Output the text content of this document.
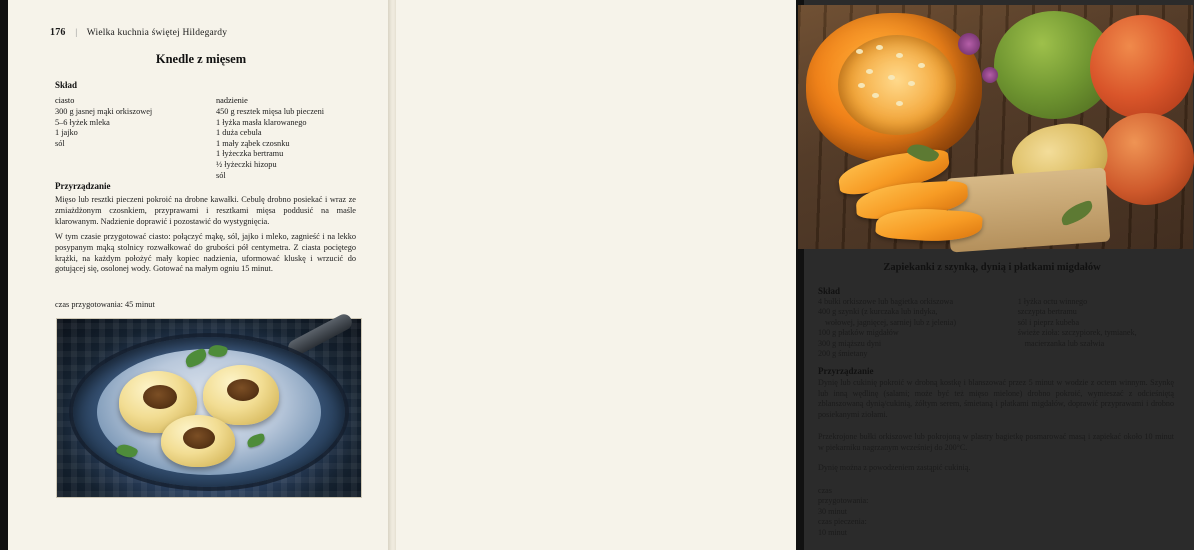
176 | Wielka kuchnia świętej Hildegardy
Knedle z mięsem
Skład
ciasto
300 g jasnej mąki orkiszowej
5–6 łyżek mleka
1 jajko
sól
nadzienie
450 g resztek mięsa lub pieczeni
1 łyżka masła klarowanego
1 duża cebula
1 mały ząbek czosnku
1 łyżeczka bertramu
½ łyżeczki hizopu
sól
Przyrządzanie
Mięso lub resztki pieczeni pokroić na drobne kawałki. Cebulę drobno posiekać i wraz ze zmiażdżonym czosnkiem, przyprawami i resztkami mięsa poddusić na maśle klarowanym. Nadzienie doprawić i pozostawić do wystygnięcia.
W tym czasie przygotować ciasto: połączyć mąkę, sól, jajko i mleko, zagnieść i na lekko posypanym mąką stolnicy rozwałkować do grubości pół centymetra. Z ciasta pociętego krążki, na każdym położyć mały kopiec nadzienia, uformować kluskę i wrzucić do gotującej się, osolonej wody. Gotować na małym ogniu 15 minut.
czas przygotowania: 45 minut
Zapiekanki z szynką, dynią i płatkami migdałów
Skład
4 bułki orkiszowe lub bagietka orkiszowa
400 g szynki (z kurczaka lub indyka,
wołowej, jagnięcej, sarniej lub z jelenia)
100 g płatków migdałów
300 g miąższu dyni
200 g śmietany
1 łyżka octu winnego
szczypta bertramu
sól i pieprz kubeba
świeże zioła: szczypiorek, tymianek,
macierzanka lub szałwia
Przyrządzanie
Dynię lub cukinię pokroić w drobną kostkę i blanszować przez 5 minut w wodzie z octem winnym. Szynkę lub inną wędlinę (salami; może być też mięso mielone) drobno pokroić, wymieszać z odcieśniętą zblanszowaną dynią/cukinią, żółtym serem, śmietaną i płatkami migdałów, doprawić przyprawami i drobno posiekanymi ziołami.
Przekrojone bułki orkiszowe lub pokrojoną w plastry bagietkę posmarować masą i zapiekać około 10 minut w piekarniku nagrzanym wcześniej do 200°C.
Dynię można z powodzeniem zastąpić cukinią.
czas przygotowania: 30 minut
czas pieczenia: 10 minut
